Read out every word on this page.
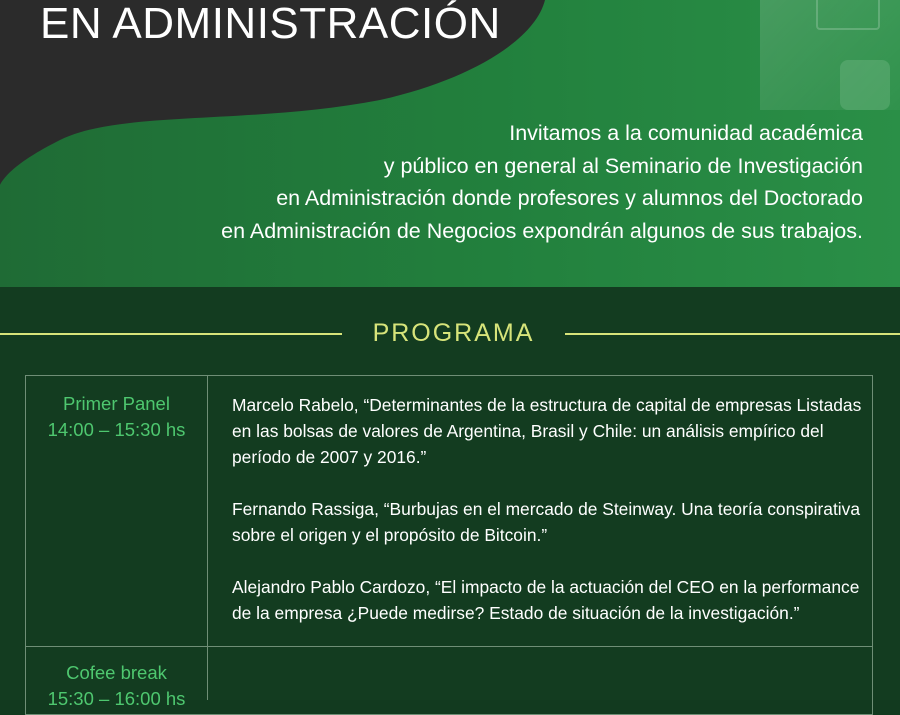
EN ADMINISTRACIÓN

Invitamos a la comunidad académica
y público en general al Seminario de Investigación
en Administración donde profesores y alumnos del Doctorado
en Administración de Negocios expondrán algunos de sus trabajos.

PROGRAMA
Primer Panel
14:00 – 15:30 hs

Marcelo Rabelo, “Determinantes de la estructura de capital de empresas Listadas
en las bolsas de valores de Argentina, Brasil y Chile: un análisis empírico del
período de 2007 y 2016.”

Fernando Rassiga, “Burbujas en el mercado de Steinway. Una teoría conspirativa
sobre el origen y el propósito de Bitcoin.”

Alejandro Pablo Cardozo, “El impacto de la actuación del CEO en la performance
de la empresa ¿Puede medirse? Estado de situación de la investigación.”

Cofee break
15:30 – 16:00 hs
